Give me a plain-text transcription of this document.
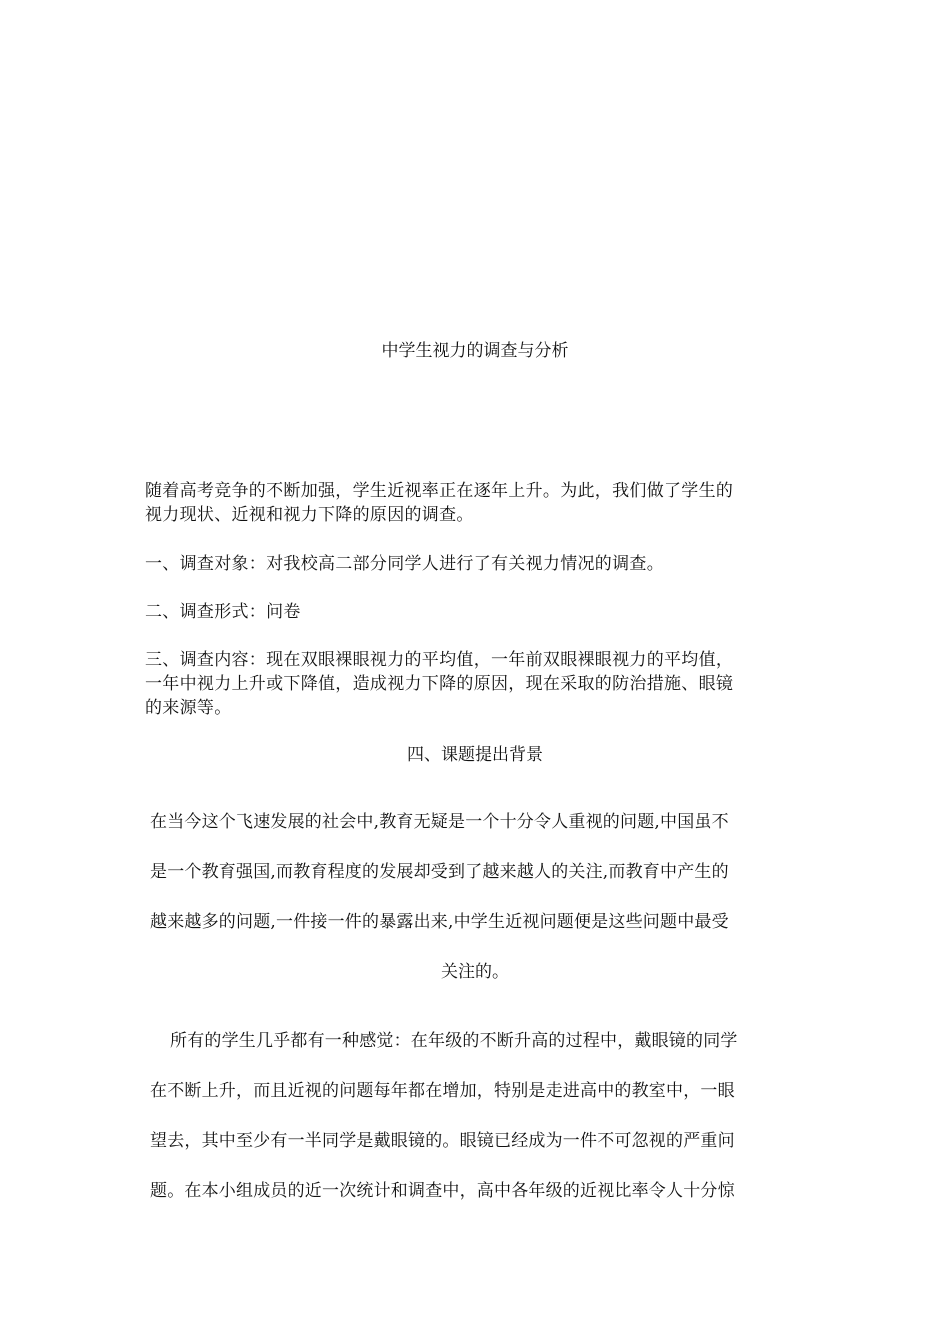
中学生视力的调查与分析
随着高考竞争的不断加强，学生近视率正在逐年上升。为此，我们做了学生的
视力现状、近视和视力下降的原因的调查。
一、调查对象：对我校高二部分同学人进行了有关视力情况的调查。
二、调查形式：问卷
三、调查内容：现在双眼裸眼视力的平均值，一年前双眼裸眼视力的平均值，
一年中视力上升或下降值，造成视力下降的原因，现在采取的防治措施、眼镜
的来源等。
四、课题提出背景
在当今这个飞速发展的社会中,教育无疑是一个十分令人重视的问题,中国虽不
是一个教育强国,而教育程度的发展却受到了越来越人的关注,而教育中产生的
越来越多的问题,一件接一件的暴露出来,中学生近视问题便是这些问题中最受
关注的。
所有的学生几乎都有一种感觉：在年级的不断升高的过程中，戴眼镜的同学
在不断上升，而且近视的问题每年都在增加，特别是走进高中的教室中，一眼
望去，其中至少有一半同学是戴眼镜的。眼镜已经成为一件不可忽视的严重问
题。在本小组成员的近一次统计和调查中，高中各年级的近视比率令人十分惊
